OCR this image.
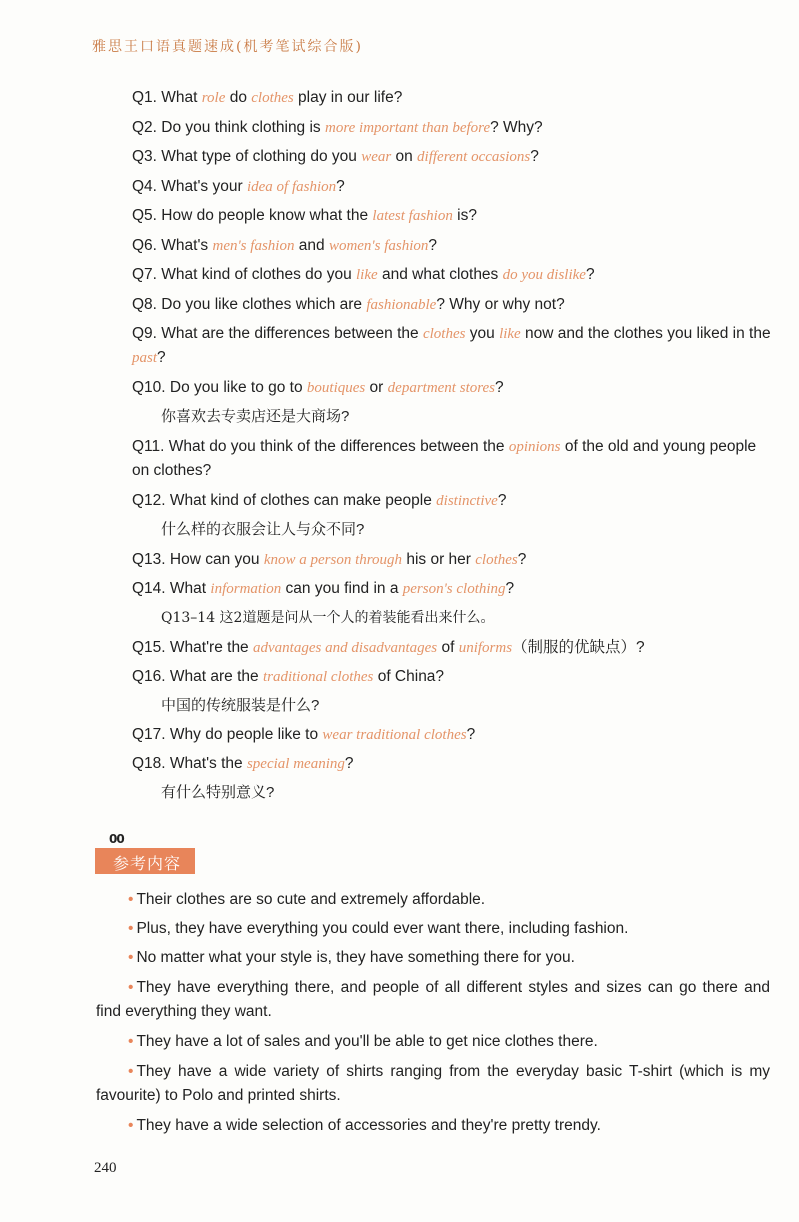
雅思王口语真题速成(机考笔试综合版)
Q1. What role do clothes play in our life?
Q2. Do you think clothing is more important than before? Why?
Q3. What type of clothing do you wear on different occasions?
Q4. What's your idea of fashion?
Q5. How do people know what the latest fashion is?
Q6. What's men's fashion and women's fashion?
Q7. What kind of clothes do you like and what clothes do you dislike?
Q8. Do you like clothes which are fashionable? Why or why not?
Q9. What are the differences between the clothes you like now and the clothes you liked in the past?
Q10. Do you like to go to boutiques or department stores?
你喜欢去专卖店还是大商场?
Q11. What do you think of the differences between the opinions of the old and young people on clothes?
Q12. What kind of clothes can make people distinctive?
什么样的衣服会让人与众不同?
Q13. How can you know a person through his or her clothes?
Q14. What information can you find in a person's clothing?
Q13–14 这2道题是问从一个人的着装能看出来什么。
Q15. What're the advantages and disadvantages of uniforms（制服的优缺点）?
Q16. What are the traditional clothes of China?
中国的传统服装是什么?
Q17. Why do people like to wear traditional clothes?
Q18. What's the special meaning?
有什么特别意义?
00
参考内容
• Their clothes are so cute and extremely affordable.
• Plus, they have everything you could ever want there, including fashion.
• No matter what your style is, they have something there for you.
• They have everything there, and people of all different styles and sizes can go there and find everything they want.
• They have a lot of sales and you'll be able to get nice clothes there.
• They have a wide variety of shirts ranging from the everyday basic T-shirt (which is my favourite) to Polo and printed shirts.
• They have a wide selection of accessories and they're pretty trendy.
240
